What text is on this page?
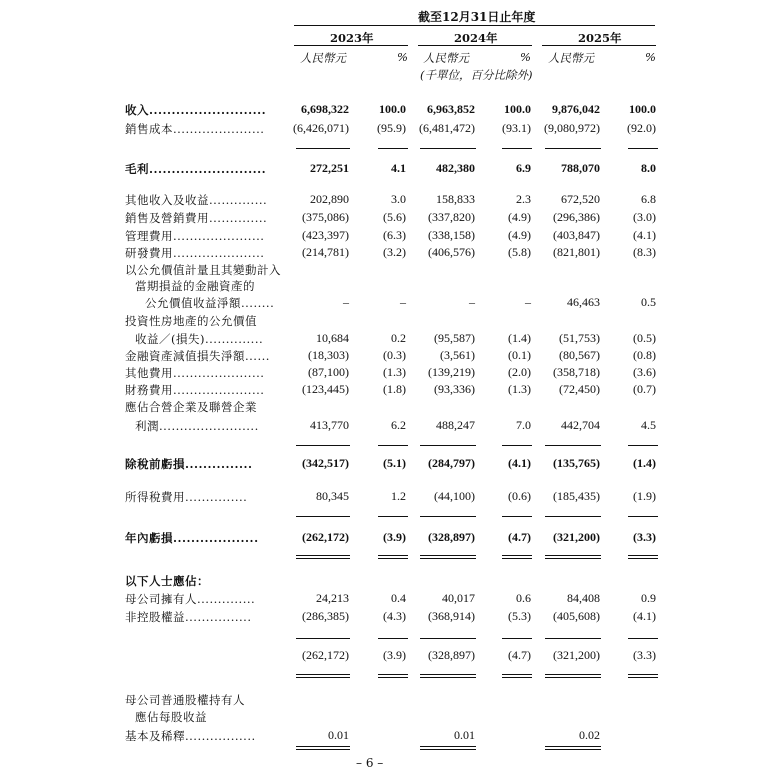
截至12月31日止年度
2023年	2024年	2025年
人民幣元	% 人民幣元	% 人民幣元	%
(千單位，百分比除外)
收入..........................	6,698,322	100.0 6,963,852 100.0 9,876,042 100.0
銷售成本...................... (6,426,071) (95.9) (6,481,472) (93.1) (9,080,972) (92.0)
毛利..........................	272,251	4.1	482,380	6.9	788,070	8.0
其他收入及收益..............	202,890	3.0	158,833	2.3	672,520	6.8
銷售及營銷費用..............	(375,086)	(5.6) (337,820)	(4.9) (296,386)	(3.0)
管理費用......................	(423,397)	(6.3) (338,158)	(4.9) (403,847)	(4.1)
研發費用......................	(214,781)	(3.2) (406,576)	(5.8) (821,801)	(8.3)
以公允價值計量且其變動計入
當期損益的金融資產的
公允價值收益淨額........	–	–	–	–	46,463	0.5
投資性房地產的公允價值
收益／(損失)..............	10,684	0.2 (95,587)	(1.4) (51,753)	(0.5)
金融資產減值損失淨額......	(18,303)	(0.3)	(3,561)	(0.1) (80,567)	(0.8)
其他費用......................	(87,100)	(1.3) (139,219)	(2.0) (358,718)	(3.6)
財務費用......................	(123,445)	(1.8) (93,336)	(1.3) (72,450)	(0.7)
應佔合營企業及聯營企業
利潤........................	413,770	6.2	488,247	7.0	442,704	4.5
除稅前虧損...............	(342,517)	(5.1) (284,797)	(4.1) (135,765)	(1.4)
所得稅費用...............	80,345	1.2 (44,100)	(0.6) (185,435)	(1.9)
年內虧損...................	(262,172)	(3.9) (328,897)	(4.7) (321,200)	(3.3)
以下人士應佔：
母公司擁有人..............	24,213	0.4	40,017	0.6	84,408	0.9
非控股權益................	(286,385)	(4.3) (368,914)	(5.3) (405,608)	(4.1)
(262,172)	(3.9) (328,897)	(4.7) (321,200)	(3.3)
母公司普通股權持有人
應佔每股收益
基本及稀釋.................	0.01	0.01	0.02
– 6 –
